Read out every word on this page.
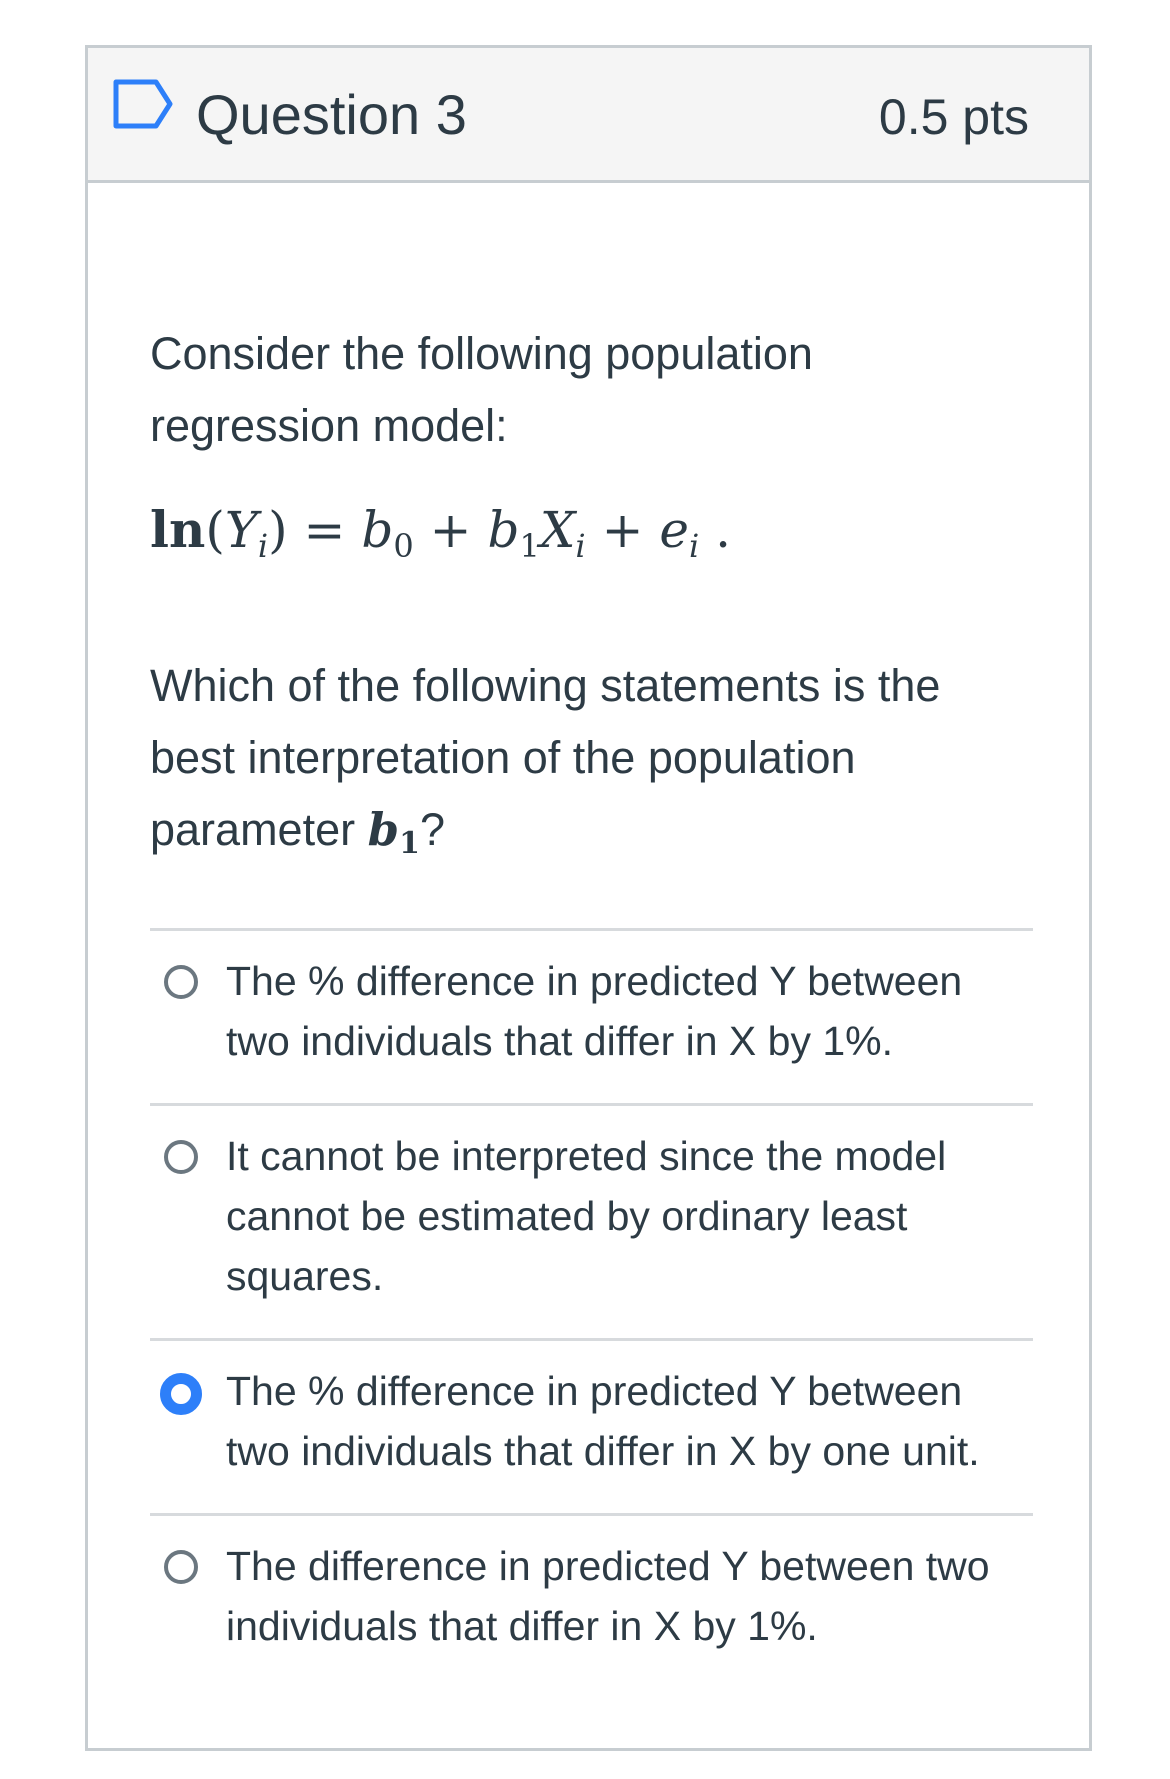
Question 3	0.5 pts
Consider the following population regression model:
$\ln(Y_i) = b_0 + b_1X_i + e_i$ .
Which of the following statements is the best interpretation of the population parameter $b_1$?
The % difference in predicted Y between two individuals that differ in X by 1%.
It cannot be interpreted since the model cannot be estimated by ordinary least squares.
The % difference in predicted Y between two individuals that differ in X by one unit.
The difference in predicted Y between two individuals that differ in X by 1%.
